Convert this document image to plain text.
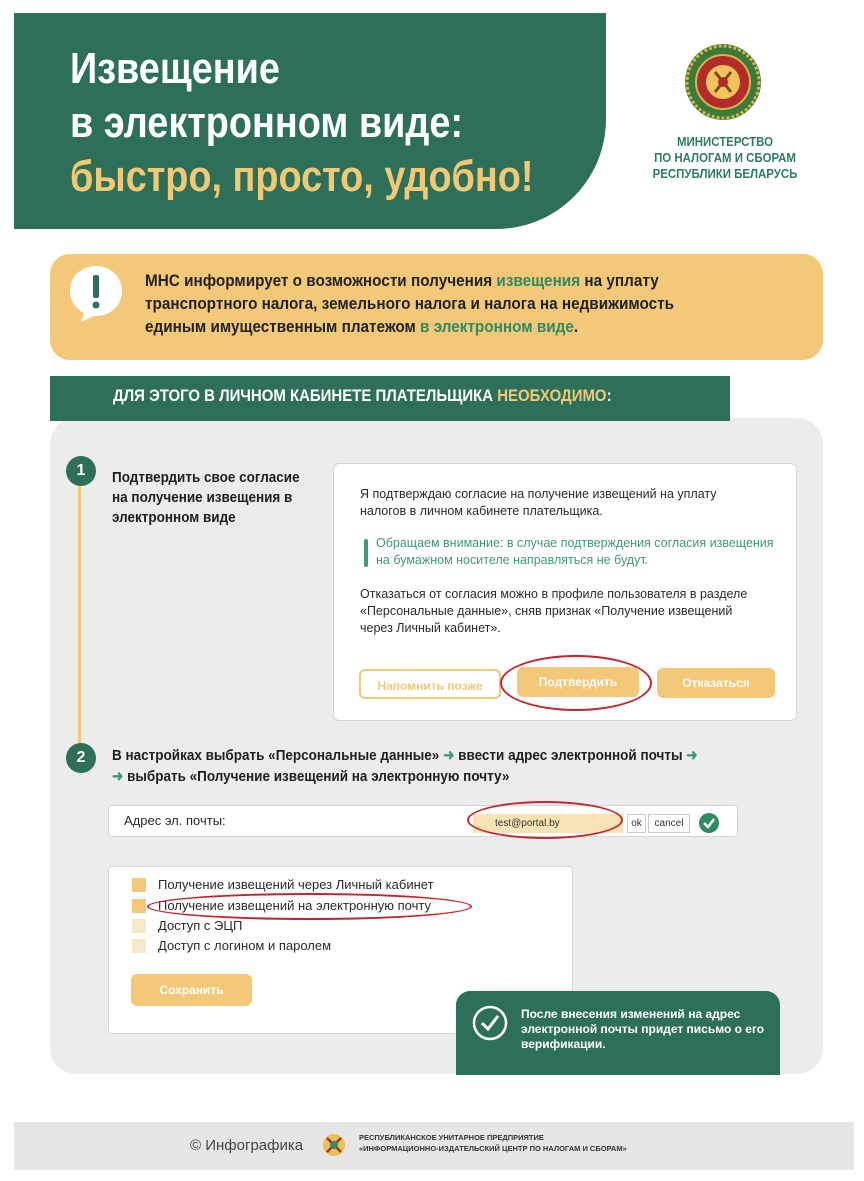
Извещение
в электронном виде:
быстро, просто, удобно!
МИНИСТЕРСТВО
ПО НАЛОГАМ И СБОРАМ
РЕСПУБЛИКИ БЕЛАРУСЬ
МНС информирует о возможности получения извещения на уплату транспортного налога, земельного налога и налога на недвижимость единым имущественным платежом в электронном виде.
ДЛЯ ЭТОГО В ЛИЧНОМ КАБИНЕТЕ ПЛАТЕЛЬЩИКА НЕОБХОДИМО:
1	Подтвердить свое согласие на получение извещения в электронном виде
Я подтверждаю согласие на получение извещений на уплату налогов в личном кабинете плательщика.
Обращаем внимание: в случае подтверждения согласия извещения на бумажном носителе направляться не будут.
Отказаться от согласия можно в профиле пользователя в разделе «Персональные данные», сняв признак «Получение извещений через Личный кабинет».
Напомнить позже	Подтвердить	Отказаться
2	В настройках выбрать «Персональные данные» ➜ ввести адрес электронной почты ➜
➜ выбрать «Получение извещений на электронную почту»
Адрес эл. почты:	test@portal.by	ok	cancel
Получение извещений через Личный кабинет
Получение извещений на электронную почту
Доступ с ЭЦП
Доступ с логином и паролем
Сохранить
После внесения изменений на адрес электронной почты придет письмо о его верификации.
© Инфографика	РЕСПУБЛИКАНСКОЕ УНИТАРНОЕ ПРЕДПРИЯТИЕ
«ИНФОРМАЦИОННО-ИЗДАТЕЛЬСКИЙ ЦЕНТР ПО НАЛОГАМ И СБОРАМ»
